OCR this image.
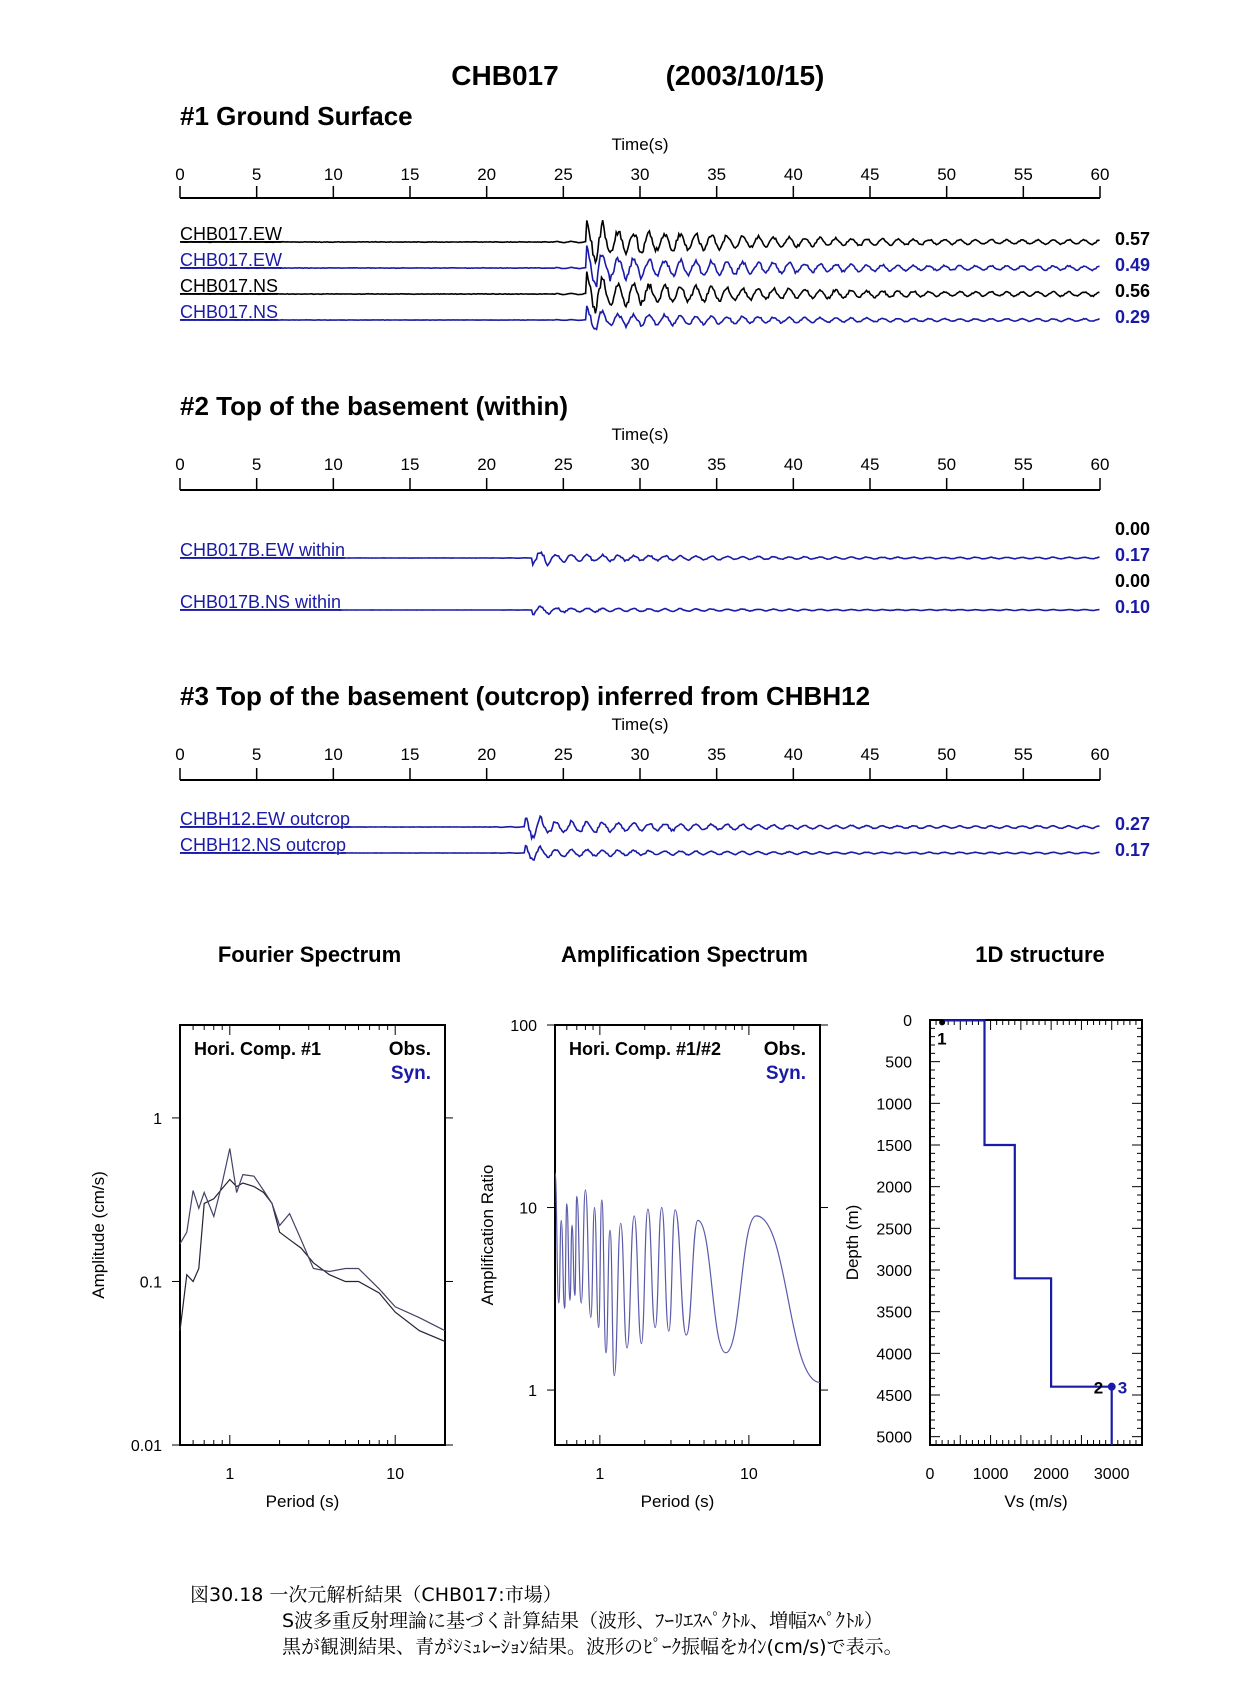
CHB017	(2003/10/15)
#1 Ground Surface
Time(s)
0	5	10	15	20	25	30	35	40	45	50	55	60
CHB017.EW	0.57
CHB017.EW	0.49
CHB017.NS	0.56
CHB017.NS	0.29
#2 Top of the basement (within)
Time(s)
0	5	10	15	20	25	30	35	40	45	50	55	60
0.00
CHB017B.EW within	0.17
0.00
CHB017B.NS within	0.10
#3 Top of the basement (outcrop) inferred from CHBH12
Time(s)
0	5	10	15	20	25	30	35	40	45	50	55	60
CHBH12.EW outcrop	0.27
CHBH12.NS outcrop	0.17
Fourier Spectrum
1	10
1
0.1
0.01
Period (s)
Amplitude (cm/s)
Hori. Comp. #1	Obs.
Syn.
Amplification Spectrum
1	10
100
10
1
Period (s)
Amplification Ratio
Hori. Comp. #1/#2 Obs.
Syn.
1D structure
0
500
1000
1500
2000
2500
3000
3500
4000
4500
5000
0 1000 2000 3000
Vs (m/s)
Depth (m)
1
2 3
図30.18 一次元解析結果（CHB017:市場）
S波多重反射理論に基づく計算結果（波形、ﾌｰﾘｴｽﾍﾟｸﾄﾙ、増幅ｽﾍﾟｸﾄﾙ）
黒が観測結果、青がｼﾐｭﾚｰｼｮﾝ結果。波形のﾋﾟｰｸ振幅をｶｲﾝ(cm/s)で表示。
